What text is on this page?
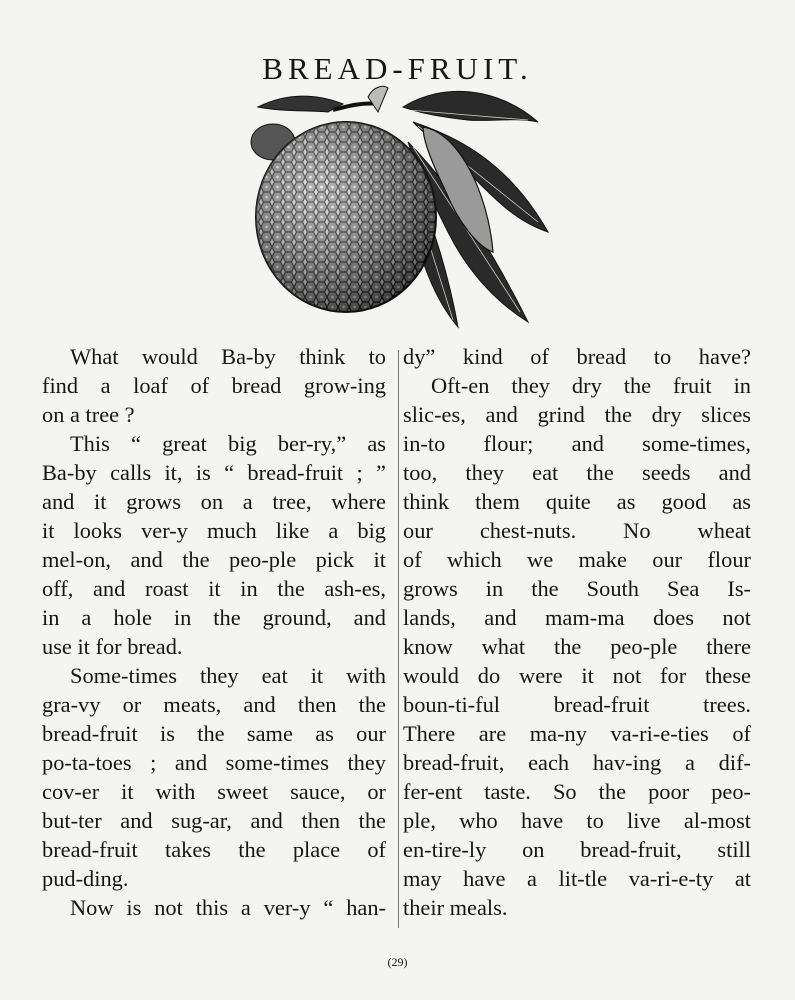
BREAD-FRUIT.
What would Ba-by think to
find a loaf of bread grow-ing
on a tree ?
This “ great big ber-ry,” as
Ba-by calls it, is “ bread-fruit ; ”
and it grows on a tree, where
it looks ver-y much like a big
mel-on, and the peo-ple pick it
off, and roast it in the ash-es,
in a hole in the ground, and
use it for bread.
Some-times they eat it with
gra-vy or meats, and then the
bread-fruit is the same as our
po-ta-toes ; and some-times they
cov-er it with sweet sauce, or
but-ter and sug-ar, and then the
bread-fruit takes the place of
pud-ding.
Now is not this a ver-y “ han-
dy” kind of bread to have?
Oft-en they dry the fruit in
slic-es, and grind the dry slices
in-to flour; and some-times,
too, they eat the seeds and
think them quite as good as
our chest-nuts. No wheat
of which we make our flour
grows in the South Sea Is-
lands, and mam-ma does not
know what the peo-ple there
would do were it not for these
boun-ti-ful bread-fruit trees.
There are ma-ny va-ri-e-ties of
bread-fruit, each hav-ing a dif-
fer-ent taste. So the poor peo-
ple, who have to live al-most
en-tire-ly on bread-fruit, still
may have a lit-tle va-ri-e-ty at
their meals.
(29)
